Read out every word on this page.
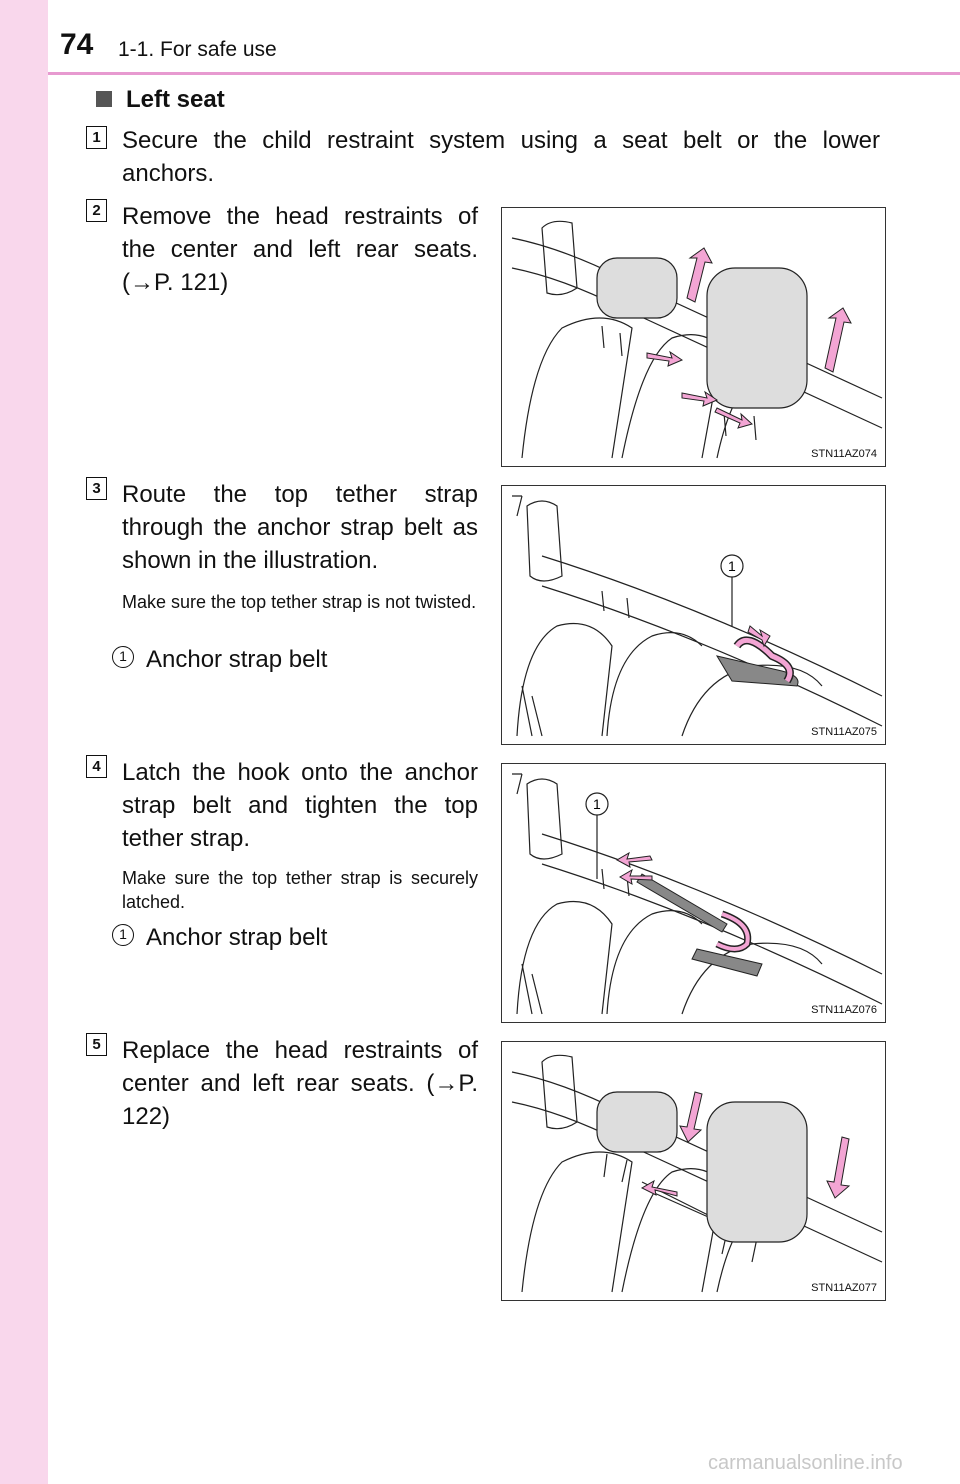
74 1-1. For safe use
Left seat
1 Secure the child restraint system using a seat belt or the lower anchors.
2 Remove the head restraints of the center and left rear seats. (→P. 121)
STN11AZ074
3 Route the top tether strap through the anchor strap belt as shown in the illustration.
Make sure the top tether strap is not twisted.
1 Anchor strap belt
1
STN11AZ075
4 Latch the hook onto the anchor strap belt and tighten the top tether strap.
Make sure the top tether strap is securely latched.
1 Anchor strap belt
1
STN11AZ076
5 Replace the head restraints of center and left rear seats. (→P. 122)
STN11AZ077
carmanualsonline.info
